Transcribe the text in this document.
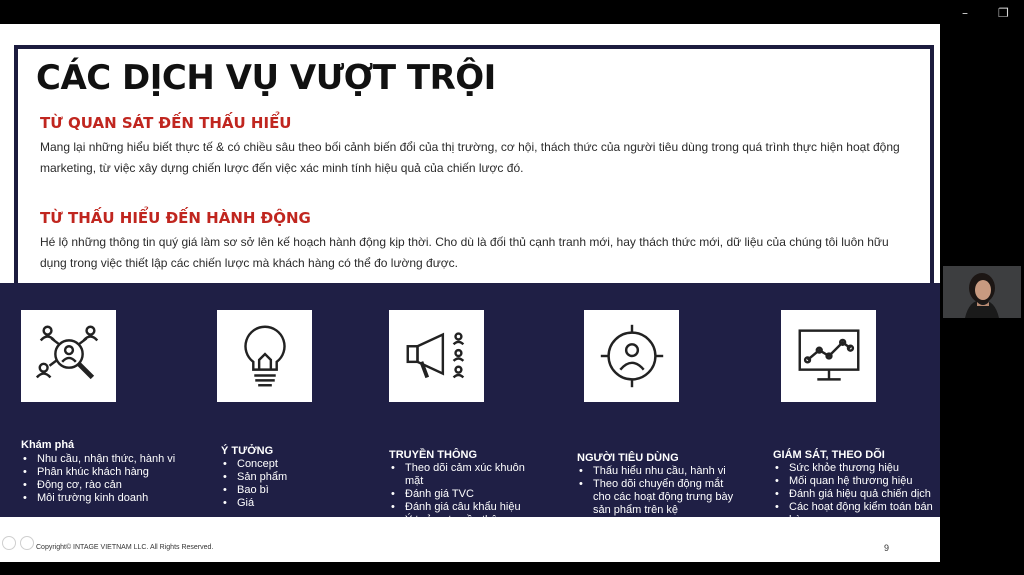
–	❐
CÁC DỊCH VỤ VƯỢT TRỘI
TỪ QUAN SÁT ĐẾN THẤU HIỂU
Mang lại những hiểu biết thực tế & có chiều sâu theo bối cảnh biến đổi của thị trường, cơ hội, thách thức của người tiêu dùng trong quá trình thực hiện hoạt động marketing, từ việc xây dựng chiến lược đến việc xác minh tính hiệu quả của chiến lược đó.
TỪ THẤU HIỂU ĐẾN HÀNH ĐỘNG
Hé lộ những thông tin quý giá làm sơ sở lên kế hoạch hành động kịp thời. Cho dù là đối thủ cạnh tranh mới, hay thách thức mới, dữ liệu của chúng tôi luôn hữu dụng trong việc thiết lập các chiến lược mà khách hàng có thể đo lường được.
Khám phá
• Nhu cầu, nhận thức, hành vi
• Phân khúc khách hàng
• Động cơ, rào cản
• Môi trường kinh doanh
Ý TƯỞNG
• Concept
• Sản phẩm
• Bao bì
• Giá
TRUYỀN THÔNG
• Theo dõi cảm xúc khuôn mặt
• Đánh giá TVC
• Đánh giá câu khẩu hiệu
• Ý tưởng truyền thông
NGƯỜI TIÊU DÙNG
• Thấu hiểu nhu cầu, hành vi
• Theo dõi chuyển động mắt cho các hoạt động trưng bày sản phẩm trên kệ
• Khách hàng bí mật
GIÁM SÁT, THEO DÕI
• Sức khỏe thương hiệu
• Mối quan hệ thương hiệu
• Đánh giá hiệu quả chiến dịch
• Các hoạt động kiểm toán bán hàng
Copyright© INTAGE VIETNAM LLC. All Rights Reserved.	9
